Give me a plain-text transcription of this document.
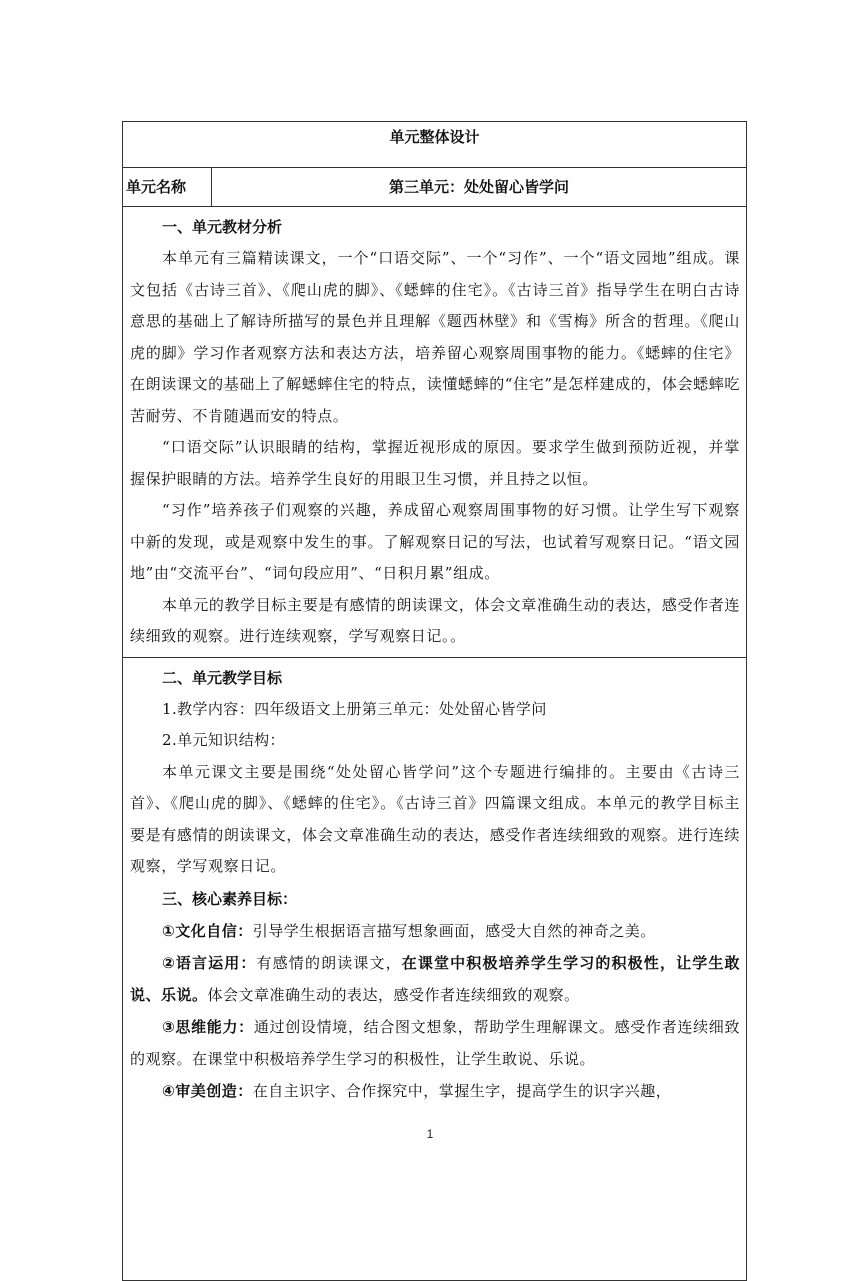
单元整体设计
单元名称	第三单元：处处留心皆学问

一、单元教材分析

本单元有三篇精读课文，一个“口语交际”、一个“习作”、一个“语文园地”组成。课文包括《古诗三首》、《爬山虎的脚》、《蟋蟀的住宅》。《古诗三首》指导学生在明白古诗意思的基础上了解诗所描写的景色并且理解《题西林壁》和《雪梅》所含的哲理。《爬山虎的脚》学习作者观察方法和表达方法，培养留心观察周围事物的能力。《蟋蟀的住宅》在朗读课文的基础上了解蟋蟀住宅的特点，读懂蟋蟀的“住宅”是怎样建成的，体会蟋蟀吃苦耐劳、不肯随遇而安的特点。

“口语交际”认识眼睛的结构，掌握近视形成的原因。要求学生做到预防近视，并掌握保护眼睛的方法。培养学生良好的用眼卫生习惯，并且持之以恒。

“习作”培养孩子们观察的兴趣，养成留心观察周围事物的好习惯。让学生写下观察中新的发现，或是观察中发生的事。了解观察日记的写法，也试着写观察日记。“语文园地”由“交流平台”、“词句段应用”、“日积月累”组成。

本单元的教学目标主要是有感情的朗读课文，体会文章准确生动的表达，感受作者连续细致的观察。进行连续观察，学写观察日记。。

二、单元教学目标

1.教学内容：四年级语文上册第三单元：处处留心皆学问

2.单元知识结构：

本单元课文主要是围绕“处处留心皆学问”这个专题进行编排的。主要由《古诗三首》、《爬山虎的脚》、《蟋蟀的住宅》。《古诗三首》四篇课文组成。本单元的教学目标主要是有感情的朗读课文，体会文章准确生动的表达，感受作者连续细致的观察。进行连续观察，学写观察日记。

三、核心素养目标：

①文化自信：引导学生根据语言描写想象画面，感受大自然的神奇之美。

②语言运用：有感情的朗读课文，在课堂中积极培养学生学习的积极性，让学生敢说、乐说。体会文章准确生动的表达，感受作者连续细致的观察。

③思维能力：通过创设情境，结合图文想象，帮助学生理解课文。感受作者连续细致的观察。在课堂中积极培养学生学习的积极性，让学生敢说、乐说。

④审美创造：在自主识字、合作探究中，掌握生字，提高学生的识字兴趣，

1
